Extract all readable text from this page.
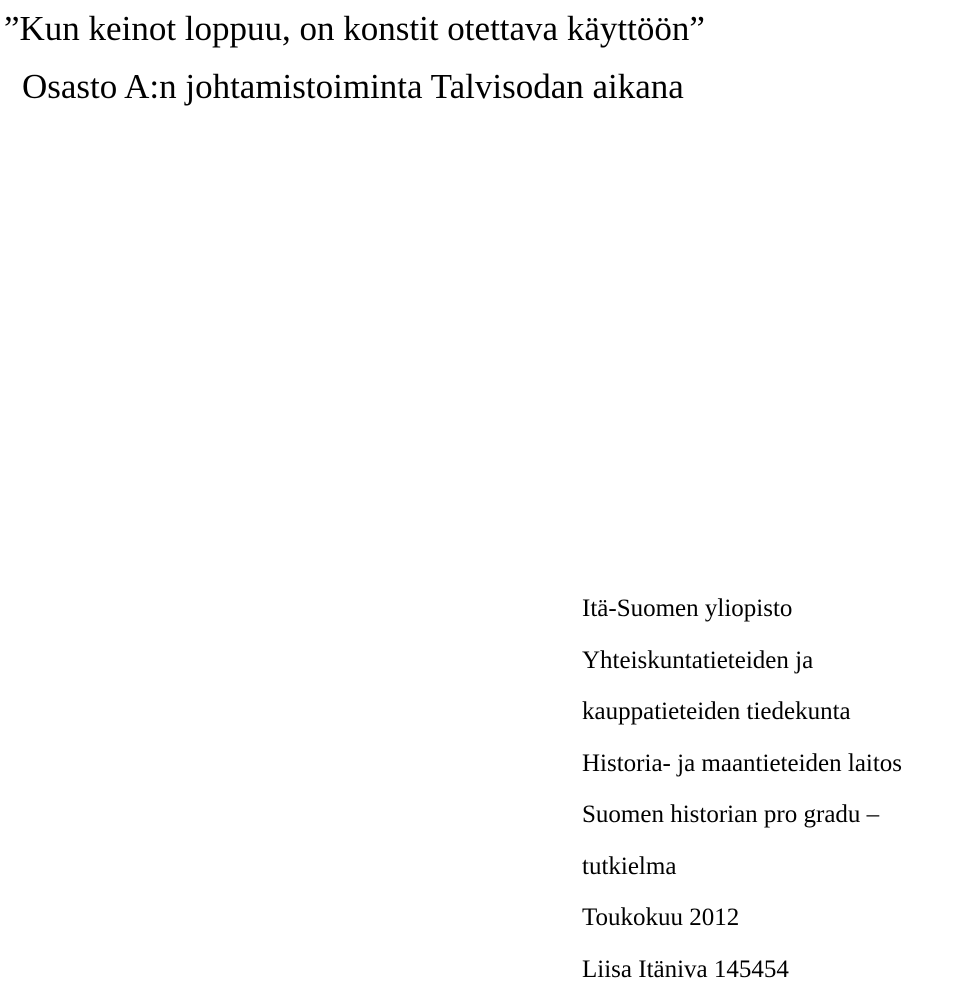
”Kun keinot loppuu, on konstit otettava käyttöön”
Osasto A:n johtamistoiminta Talvisodan aikana
Itä-Suomen yliopisto
Yhteiskuntatieteiden ja
kauppatieteiden tiedekunta
Historia- ja maantieteiden laitos
Suomen historian pro gradu –
tutkielma
Toukokuu 2012
Liisa Itäniva 145454
